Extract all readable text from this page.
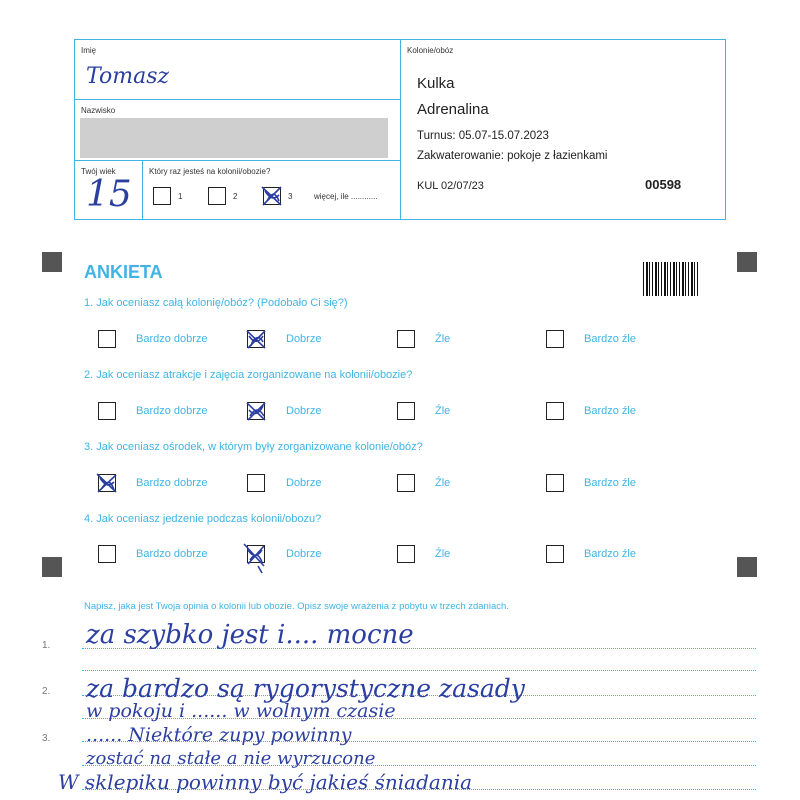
Imię
Tomasz
Nazwisko
Twój wiek
15
Który raz jesteś na kolonii/obozie?
1	2	3	więcej, ile ............
Kolonie/obóz
Kulka
Adrenalina
Turnus: 05.07-15.07.2023
Zakwaterowanie: pokoje z łazienkami
KUL 02/07/23	00598
ANKIETA
1. Jak oceniasz całą kolonię/obóz? (Podobało Ci się?)
Bardzo dobrze	Dobrze	Źle	Bardzo źle
2. Jak oceniasz atrakcje i zajęcia zorganizowane na kolonii/obozie?
Bardzo dobrze	Dobrze	Źle	Bardzo źle
3. Jak oceniasz ośrodek, w którym były zorganizowane kolonie/obóz?
Bardzo dobrze	Dobrze	Źle	Bardzo źle
4. Jak oceniasz jedzenie podczas kolonii/obozu?
Bardzo dobrze	Dobrze	Źle	Bardzo źle
Napisz, jaka jest Twoja opinia o kolonii lub obozie. Opisz swoje wrażenia z pobytu w trzech zdaniach.
1.
2.
3.
za szybko jest i.... mocne
za bardzo są rygorystyczne zasady
w pokoju i ...... w wolnym czasie
...... Niektóre zupy powinny
zostać na stałe a nie wyrzucone
W sklepiku powinny być jakieś śniadania
